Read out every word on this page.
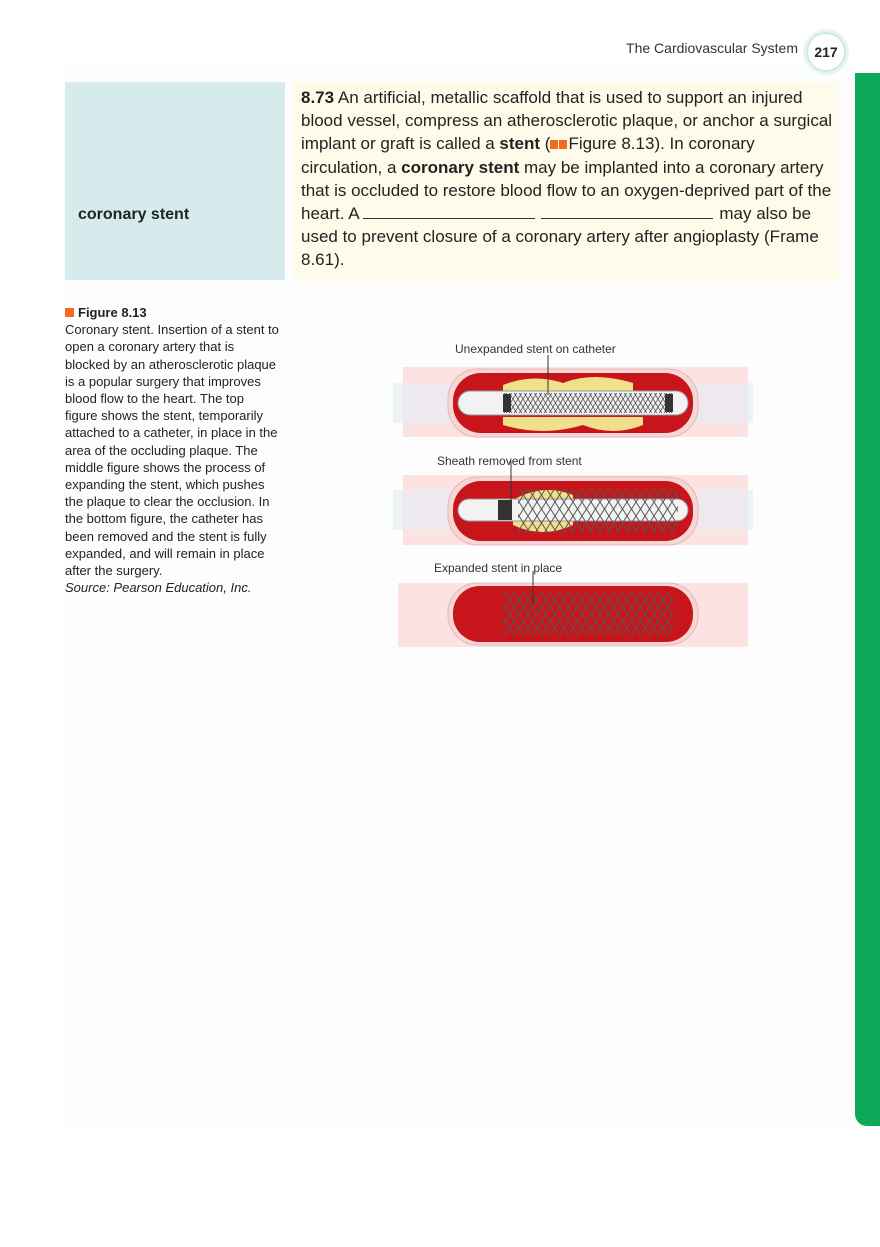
The Cardiovascular System	217
coronary stent
8.73 An artificial, metallic scaffold that is used to support an injured blood vessel, compress an atherosclerotic plaque, or anchor a surgical implant or graft is called a stent ( Figure 8.13). In coronary circulation, a coronary stent may be implanted into a coronary artery that is occluded to restore blood flow to an oxygen-deprived part of the heart. A	may also be used to prevent closure of a coronary artery after angioplasty (Frame 8.61).
Figure 8.13
Coronary stent. Insertion of a stent to open a coronary artery that is blocked by an atherosclerotic plaque is a popular surgery that improves blood flow to the heart. The top figure shows the stent, temporarily attached to a catheter, in place in the area of the occluding plaque. The middle figure shows the process of expanding the stent, which pushes the plaque to clear the occlusion. In the bottom figure, the catheter has been removed and the stent is fully expanded, and will remain in place after the surgery.
Source: Pearson Education, Inc.
Unexpanded stent on catheter
Sheath removed from stent
Expanded stent in place
